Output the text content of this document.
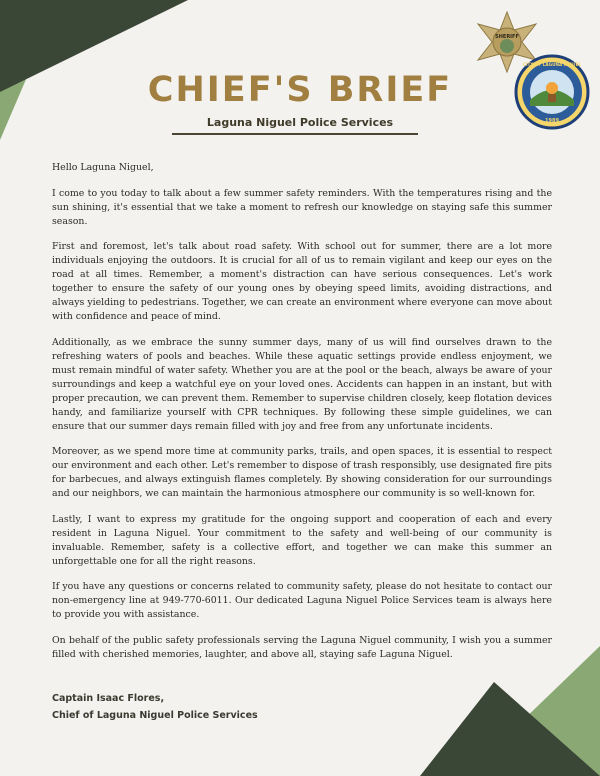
CHIEF'S BRIEF
Laguna Niguel Police Services
SHERIFF
CITY OF LAGUNA NIGUEL
1989

Hello Laguna Niguel,

I come to you today to talk about a few summer safety reminders. With the temperatures rising and the sun shining, it's essential that we take a moment to refresh our knowledge on staying safe this summer season.

First and foremost, let's talk about road safety. With school out for summer, there are a lot more individuals enjoying the outdoors. It is crucial for all of us to remain vigilant and keep our eyes on the road at all times. Remember, a moment's distraction can have serious consequences. Let's work together to ensure the safety of our young ones by obeying speed limits, avoiding distractions, and always yielding to pedestrians. Together, we can create an environment where everyone can move about with confidence and peace of mind.

Additionally, as we embrace the sunny summer days, many of us will find ourselves drawn to the refreshing waters of pools and beaches. While these aquatic settings provide endless enjoyment, we must remain mindful of water safety. Whether you are at the pool or the beach, always be aware of your surroundings and keep a watchful eye on your loved ones. Accidents can happen in an instant, but with proper precaution, we can prevent them. Remember to supervise children closely, keep flotation devices handy, and familiarize yourself with CPR techniques. By following these simple guidelines, we can ensure that our summer days remain filled with joy and free from any unfortunate incidents.

Moreover, as we spend more time at community parks, trails, and open spaces, it is essential to respect our environment and each other. Let's remember to dispose of trash responsibly, use designated fire pits for barbecues, and always extinguish flames completely. By showing consideration for our surroundings and our neighbors, we can maintain the harmonious atmosphere our community is so well-known for.

Lastly, I want to express my gratitude for the ongoing support and cooperation of each and every resident in Laguna Niguel. Your commitment to the safety and well-being of our community is invaluable. Remember, safety is a collective effort, and together we can make this summer an unforgettable one for all the right reasons.

If you have any questions or concerns related to community safety, please do not hesitate to contact our non-emergency line at 949-770-6011. Our dedicated Laguna Niguel Police Services team is always here to provide you with assistance.

On behalf of the public safety professionals serving the Laguna Niguel community, I wish you a summer filled with cherished memories, laughter, and above all, staying safe Laguna Niguel.

Captain Isaac Flores,
Chief of Laguna Niguel Police Services
